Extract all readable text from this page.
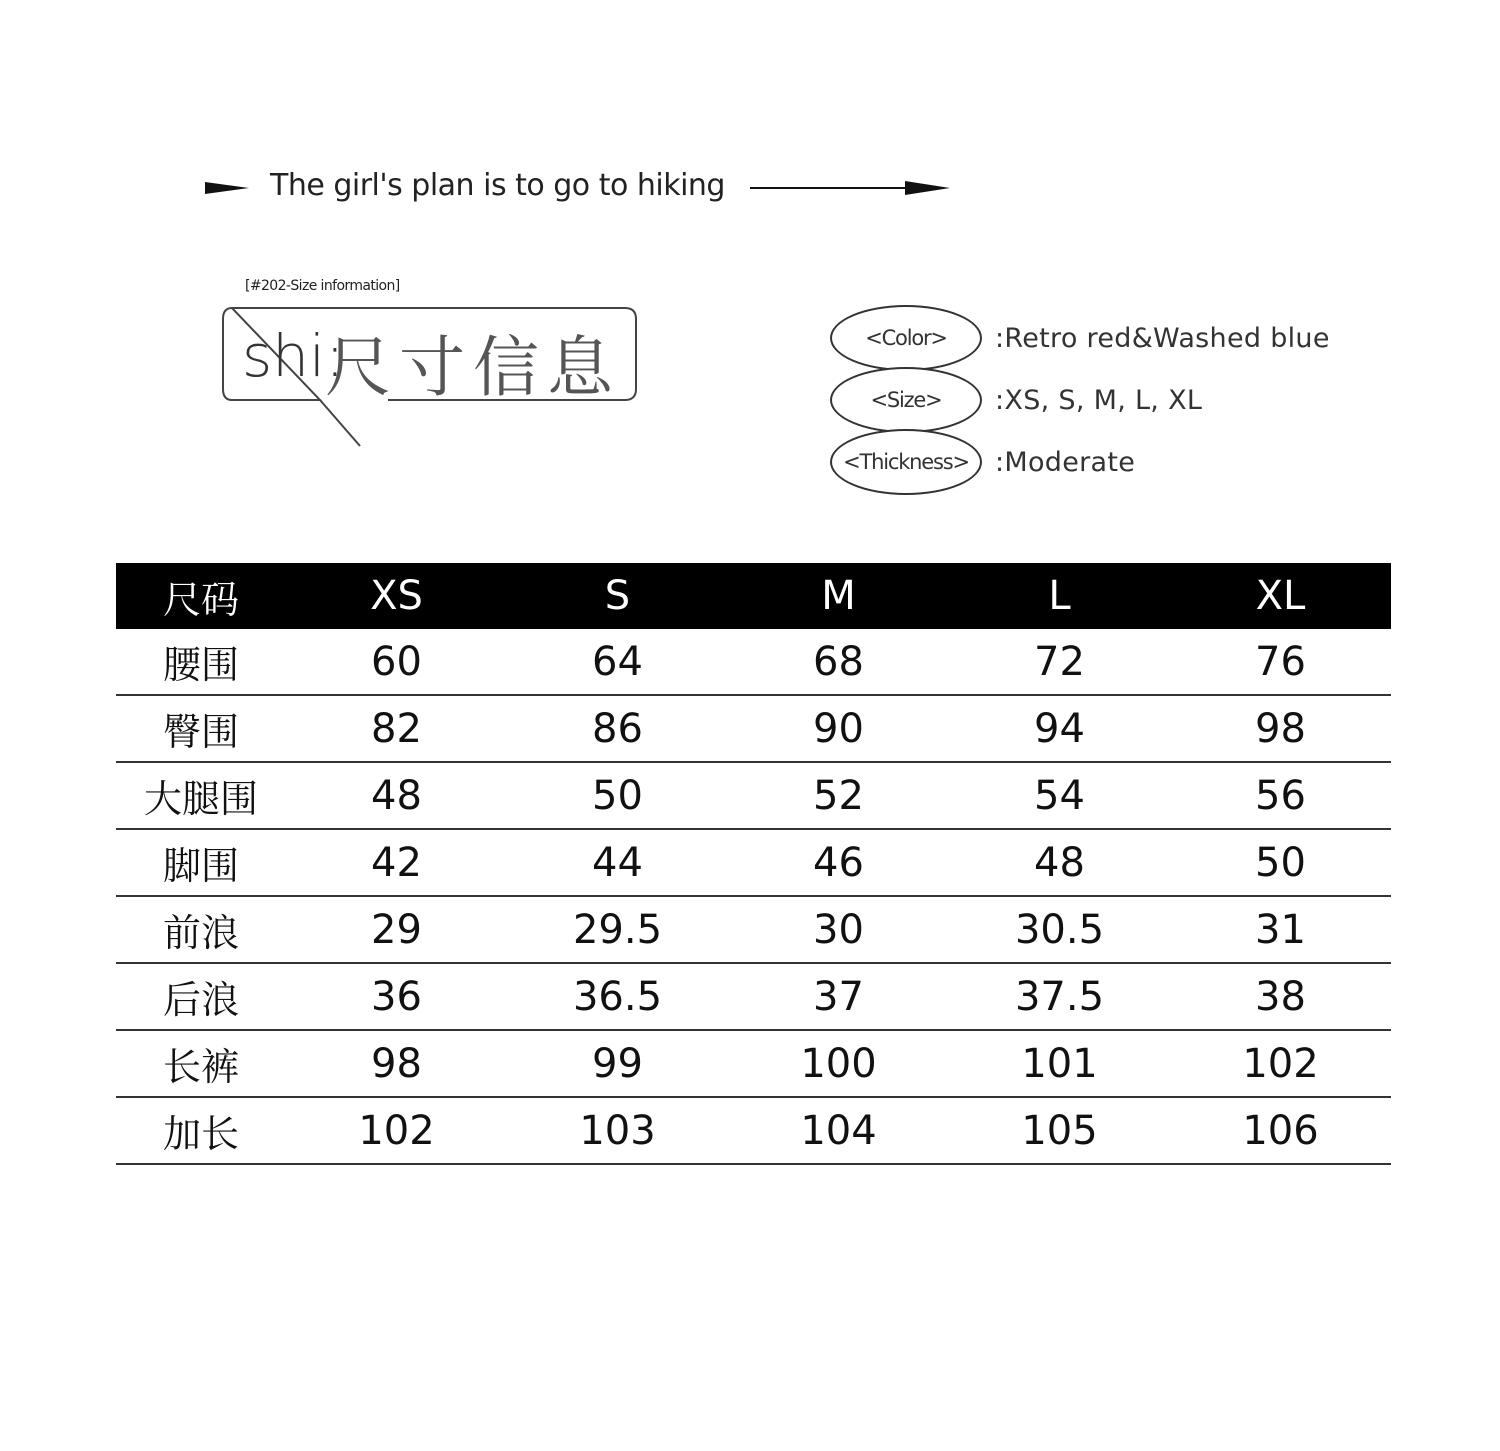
The girl's plan is to go to hiking
[#202-Size information]
shi:
尺寸信息	<Color>	:Retro red&Washed blue
<Size>	:XS, S, M, L, XL
<Thickness> :Moderate
尺码	XS	S	M	L	XL
腰围	60	64	68	72	76
臀围	82	86	90	94	98
大腿围	48	50	52	54	56
脚围	42	44	46	48	50
前浪	29	29.5	30	30.5	31
后浪	36	36.5	37	37.5	38
长裤	98	99	100	101	102
加长	102	103	104	105	106
